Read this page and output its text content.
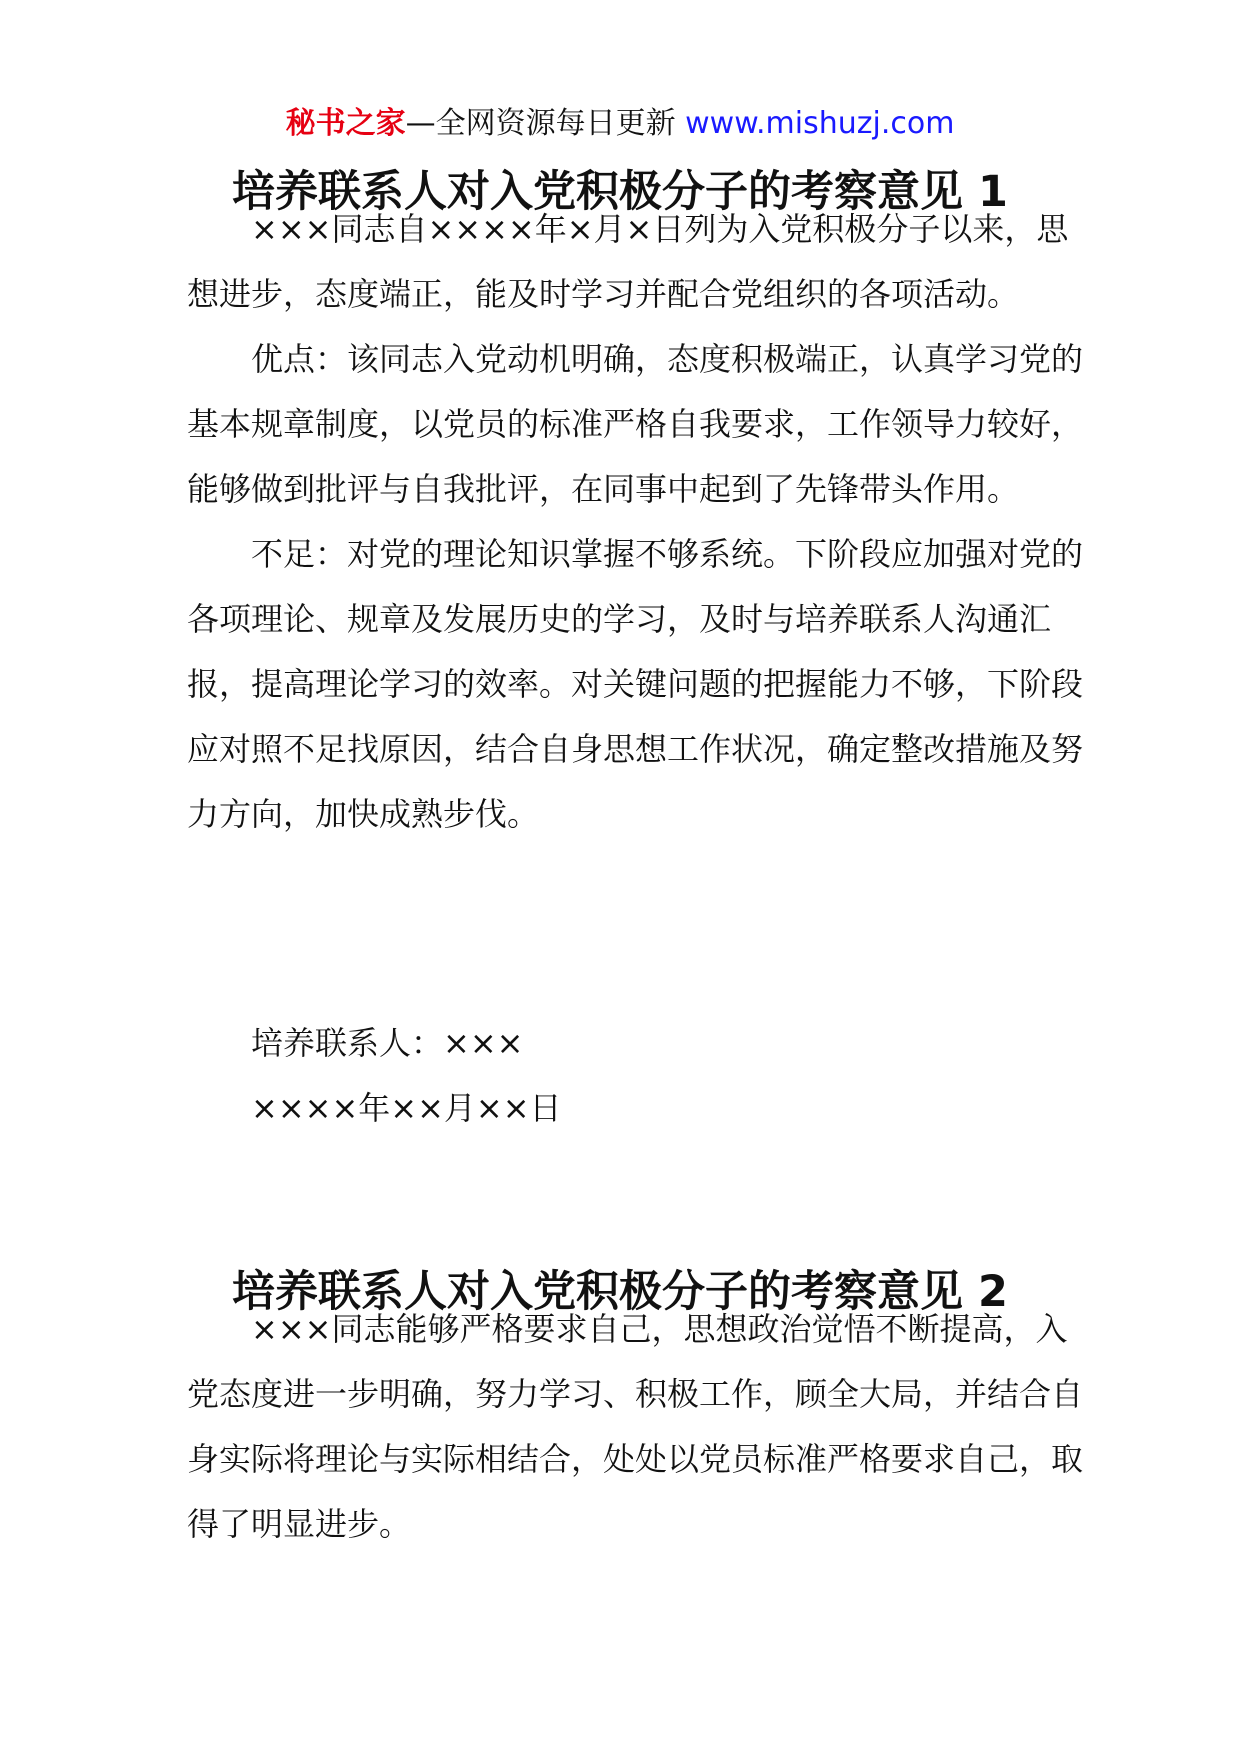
秘书之家—全网资源每日更新 www.mishuzj.com
培养联系人对入党积极分子的考察意见 1

×××同志自××××年×月×日列为入党积极分子以来，思想进步，态度端正，能及时学习并配合党组织的各项活动。

优点：该同志入党动机明确，态度积极端正，认真学习党的基本规章制度，以党员的标准严格自我要求，工作领导力较好，能够做到批评与自我批评，在同事中起到了先锋带头作用。

不足：对党的理论知识掌握不够系统。下阶段应加强对党的各项理论、规章及发展历史的学习，及时与培养联系人沟通汇报，提高理论学习的效率。对关键问题的把握能力不够，下阶段应对照不足找原因，结合自身思想工作状况，确定整改措施及努力方向，加快成熟步伐。

培养联系人：×××
××××年××月××日
培养联系人对入党积极分子的考察意见 2

×××同志能够严格要求自己，思想政治觉悟不断提高，入党态度进一步明确，努力学习、积极工作，顾全大局，并结合自身实际将理论与实际相结合，处处以党员标准严格要求自己，取得了明显进步。
